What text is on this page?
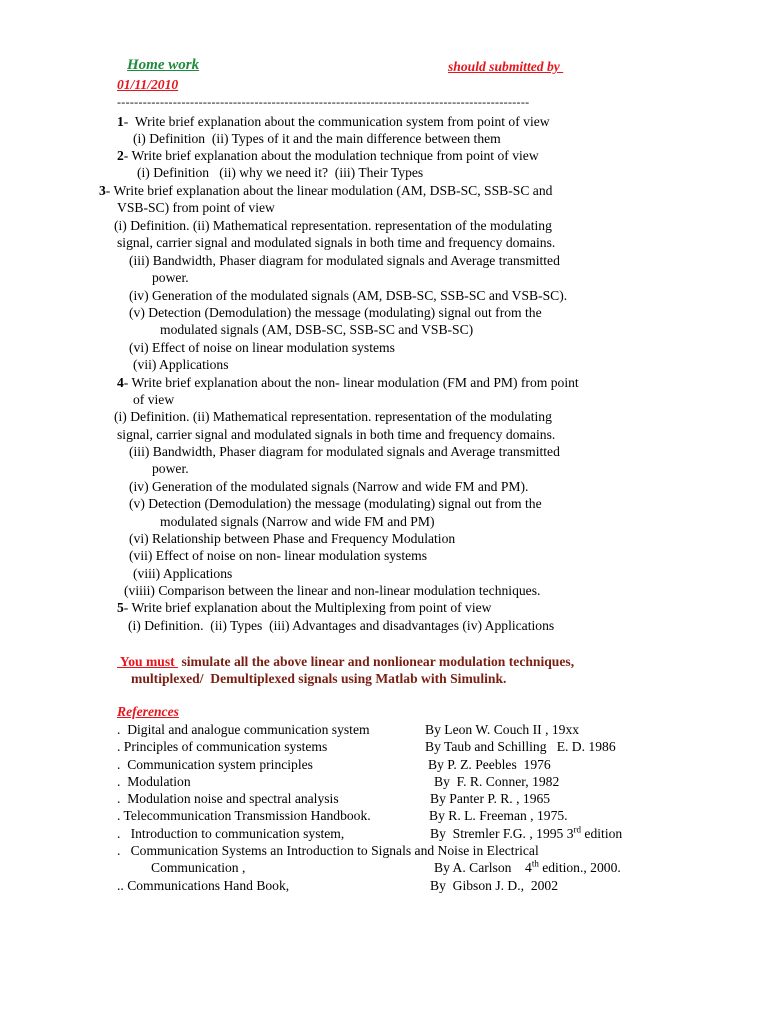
Home work	should submitted by
01/11/2010
------------------------------------------------------------------------------------------------
1-  Write brief explanation about the communication system from point of view
(i) Definition  (ii) Types of it and the main difference between them
2- Write brief explanation about the modulation technique from point of view
(i) Definition   (ii) why we need it?  (iii) Their Types
3- Write brief explanation about the linear modulation (AM, DSB-SC, SSB-SC and
VSB-SC) from point of view
(i) Definition. (ii) Mathematical representation. representation of the modulating
signal, carrier signal and modulated signals in both time and frequency domains.
(iii) Bandwidth, Phaser diagram for modulated signals and Average transmitted
power.
(iv) Generation of the modulated signals (AM, DSB-SC, SSB-SC and VSB-SC).
(v) Detection (Demodulation) the message (modulating) signal out from the
modulated signals (AM, DSB-SC, SSB-SC and VSB-SC)
(vi) Effect of noise on linear modulation systems
(vii) Applications
4- Write brief explanation about the non- linear modulation (FM and PM) from point
of view
(i) Definition. (ii) Mathematical representation. representation of the modulating
signal, carrier signal and modulated signals in both time and frequency domains.
(iii) Bandwidth, Phaser diagram for modulated signals and Average transmitted
power.
(iv) Generation of the modulated signals (Narrow and wide FM and PM).
(v) Detection (Demodulation) the message (modulating) signal out from the
modulated signals (Narrow and wide FM and PM)
(vi) Relationship between Phase and Frequency Modulation
(vii) Effect of noise on non- linear modulation systems
(viii) Applications
(viiii) Comparison between the linear and non-linear modulation techniques.
5- Write brief explanation about the Multiplexing from point of view
(i) Definition.  (ii) Types  (iii) Advantages and disadvantages (iv) Applications
You must  simulate all the above linear and nonlionear modulation techniques,
multiplexed/  Demultiplexed signals using Matlab with Simulink.
References
.  Digital and analogue communication system	By Leon W. Couch II , 19xx
. Principles of communication systems	By Taub and Schilling   E. D. 1986
.  Communication system principles	By P. Z. Peebles  1976
.  Modulation	By  F. R. Conner, 1982
.  Modulation noise and spectral analysis	By Panter P. R. , 1965
. Telecommunication Transmission Handbook.	By R. L. Freeman , 1975.
.   Introduction to communication system,	By  Stremler F.G. , 1995 3rd edition
.   Communication Systems an Introduction to Signals and Noise in Electrical
Communication ,	By A. Carlson    4th edition., 2000.
.. Communications Hand Book,	By  Gibson J. D.,  2002
